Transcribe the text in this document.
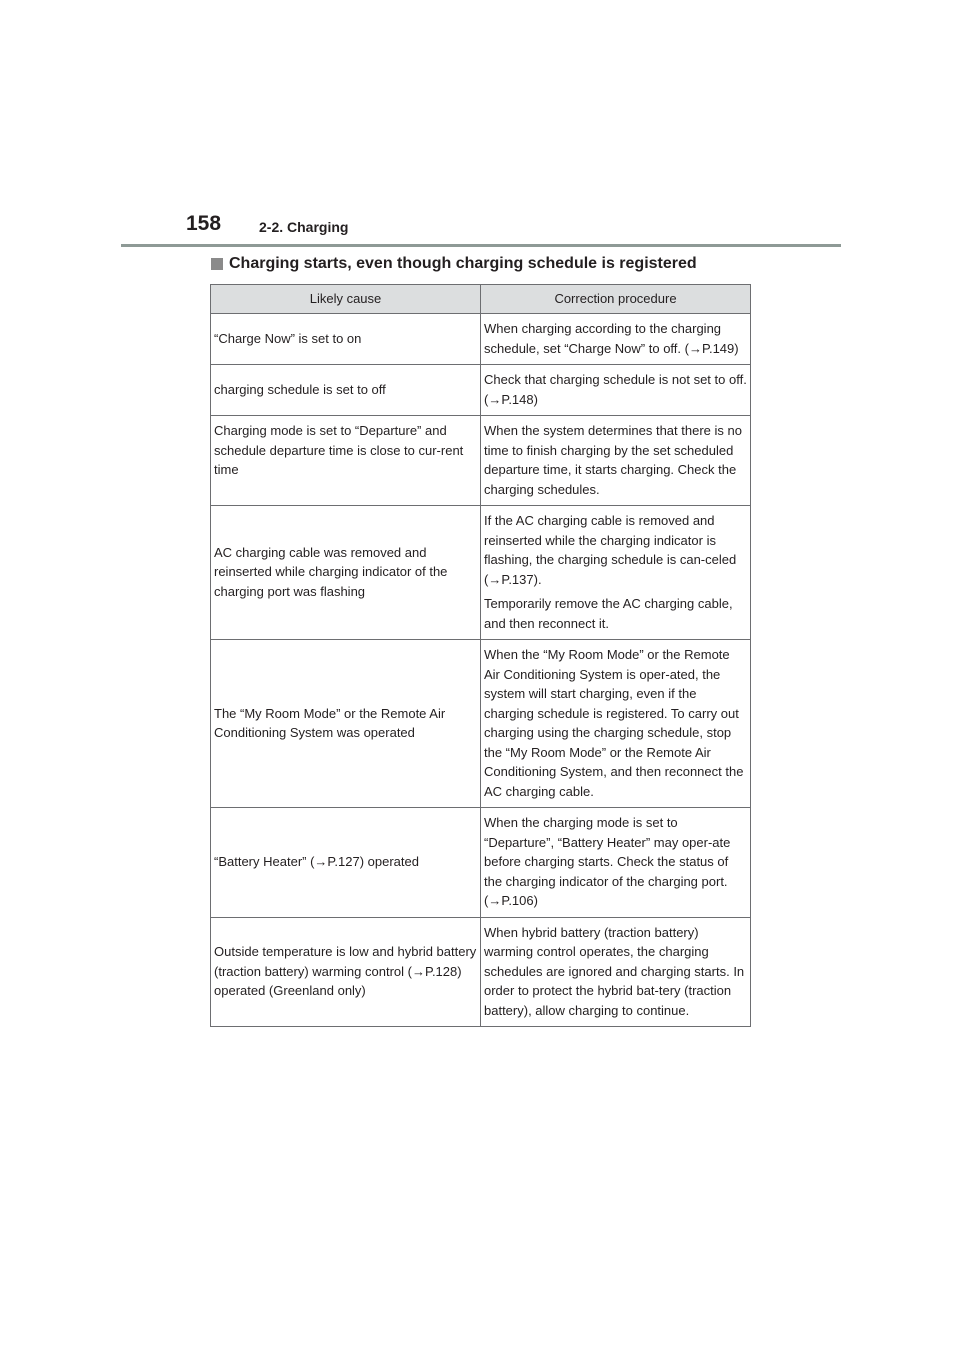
158	2-2. Charging
Charging starts, even though charging schedule is registered
Likely cause	Correction procedure
“Charge Now” is set to on	When charging according to the charging schedule, set “Charge Now” to off. (→P.149)

charging schedule is set to off	Check that charging schedule is not set to off. (→P.148)

Charging mode is set to “Departure” and schedule departure time is close to cur-rent time	When the system determines that there is no time to finish charging by the set scheduled departure time, it starts charging. Check the charging schedules.

AC charging cable was removed and reinserted while charging indicator of the charging port was flashing	If the AC charging cable is removed and reinserted while the charging indicator is flashing, the charging schedule is can-celed (→P.137).

Temporarily remove the AC charging cable, and then reconnect it.

The “My Room Mode” or the Remote Air Conditioning System was operated	When the “My Room Mode” or the Remote Air Conditioning System is oper-ated, the system will start charging, even if the charging schedule is registered. To carry out charging using the charging schedule, stop the “My Room Mode” or the Remote Air Conditioning System, and then reconnect the AC charging cable.

“Battery Heater” (→P.127) operated	When the charging mode is set to “Departure”, “Battery Heater” may oper-ate before charging starts. Check the status of the charging indicator of the charging port. (→P.106)

Outside temperature is low and hybrid battery (traction battery) warming control (→P.128) operated (Greenland only)	When hybrid battery (traction battery) warming control operates, the charging schedules are ignored and charging starts. In order to protect the hybrid bat-tery (traction battery), allow charging to continue.
